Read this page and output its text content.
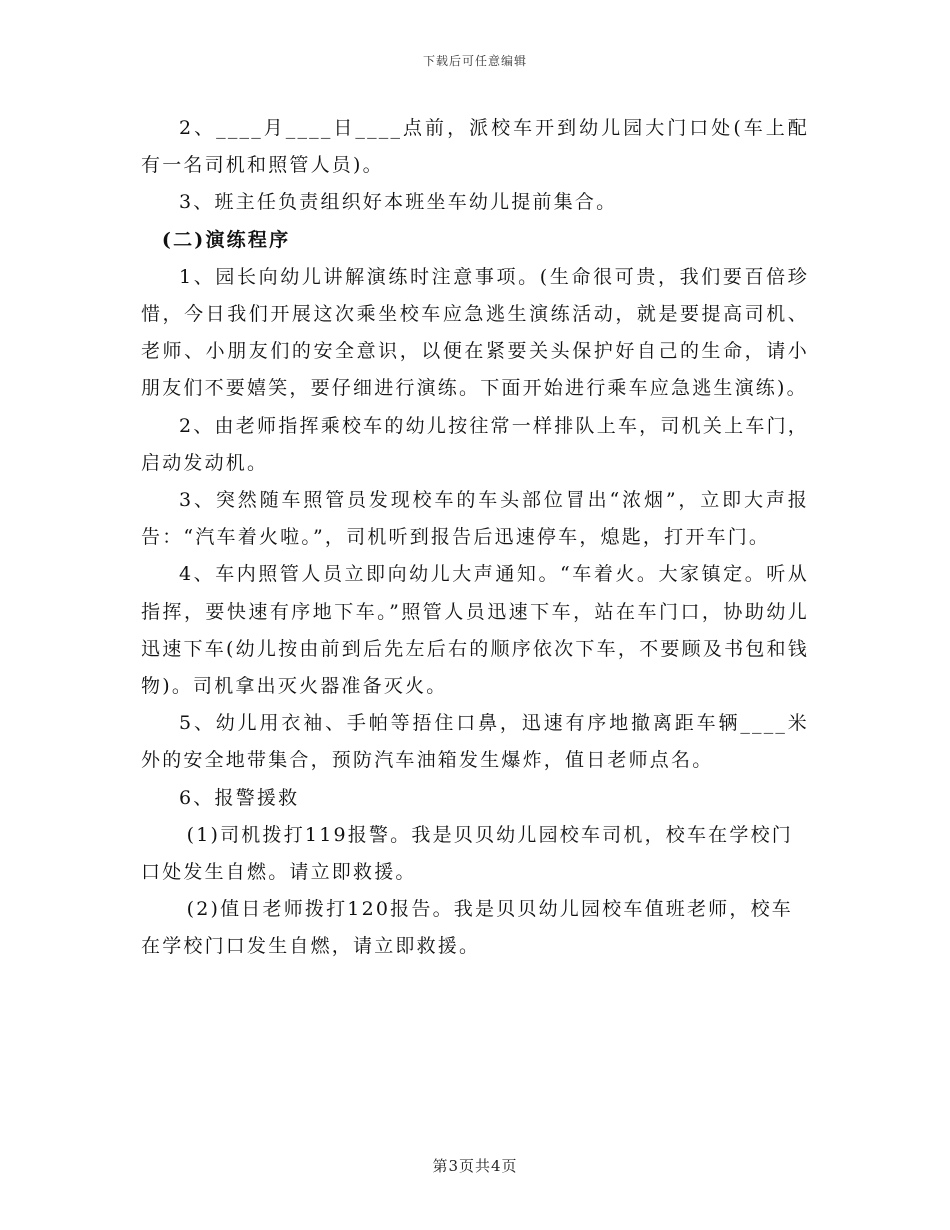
下载后可任意编辑

2、____月____日____点前，派校车开到幼儿园大门口处(车上配有一名司机和照管人员)。

3、班主任负责组织好本班坐车幼儿提前集合。

(二)演练程序

1、园长向幼儿讲解演练时注意事项。(生命很可贵，我们要百倍珍惜，今日我们开展这次乘坐校车应急逃生演练活动，就是要提高司机、老师、小朋友们的安全意识，以便在紧要关头保护好自己的生命，请小朋友们不要嬉笑，要仔细进行演练。下面开始进行乘车应急逃生演练)。

2、由老师指挥乘校车的幼儿按往常一样排队上车，司机关上车门，启动发动机。

3、突然随车照管员发现校车的车头部位冒出“浓烟”，立即大声报告：“汽车着火啦。”，司机听到报告后迅速停车，熄匙，打开车门。

4、车内照管人员立即向幼儿大声通知。“车着火。大家镇定。听从指挥，要快速有序地下车。”照管人员迅速下车，站在车门口，协助幼儿迅速下车(幼儿按由前到后先左后右的顺序依次下车，不要顾及书包和钱物)。司机拿出灭火器准备灭火。

5、幼儿用衣袖、手帕等捂住口鼻，迅速有序地撤离距车辆____米外的安全地带集合，预防汽车油箱发生爆炸，值日老师点名。

6、报警援救

(1)司机拨打119报警。我是贝贝幼儿园校车司机，校车在学校门口处发生自燃。请立即救援。

(2)值日老师拨打120报告。我是贝贝幼儿园校车值班老师，校车在学校门口发生自燃，请立即救援。

第3页共4页
